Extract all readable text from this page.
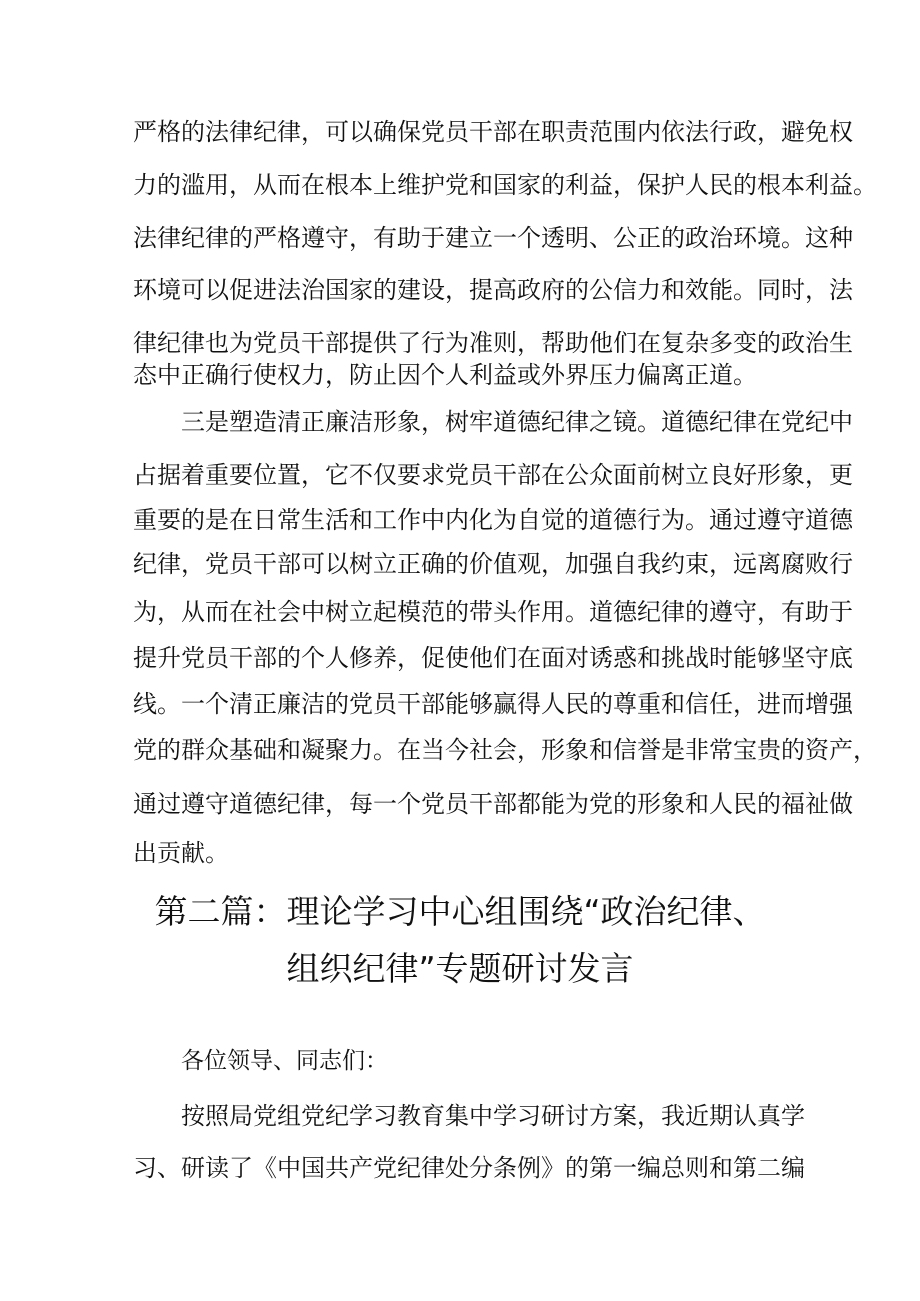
严格的法律纪律，可以确保党员干部在职责范围内依法行政，避免权
力的滥用，从而在根本上维护党和国家的利益，保护人民的根本利益。
法律纪律的严格遵守，有助于建立一个透明、公正的政治环境。这种
环境可以促进法治国家的建设，提高政府的公信力和效能。同时，法
律纪律也为党员干部提供了行为准则，帮助他们在复杂多变的政治生
态中正确行使权力，防止因个人利益或外界压力偏离正道。
三是塑造清正廉洁形象，树牢道德纪律之镜。道德纪律在党纪中
占据着重要位置，它不仅要求党员干部在公众面前树立良好形象，更
重要的是在日常生活和工作中内化为自觉的道德行为。通过遵守道德
纪律，党员干部可以树立正确的价值观，加强自我约束，远离腐败行
为，从而在社会中树立起模范的带头作用。道德纪律的遵守，有助于
提升党员干部的个人修养，促使他们在面对诱惑和挑战时能够坚守底
线。一个清正廉洁的党员干部能够赢得人民的尊重和信任，进而增强
党的群众基础和凝聚力。在当今社会，形象和信誉是非常宝贵的资产，
通过遵守道德纪律，每一个党员干部都能为党的形象和人民的福祉做
出贡献。
第二篇：理论学习中心组围绕“政治纪律、
组织纪律”专题研讨发言
各位领导、同志们：
按照局党组党纪学习教育集中学习研讨方案，我近期认真学
习、研读了《中国共产党纪律处分条例》的第一编总则和第二编
